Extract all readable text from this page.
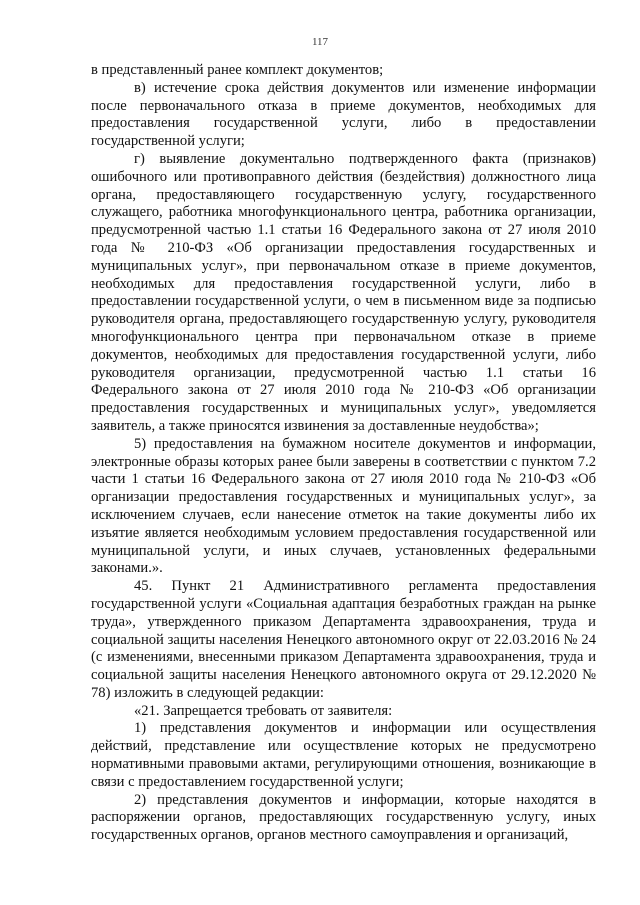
117

в представленный ранее комплект документов;

в) истечение срока действия документов или изменение информации после первоначального отказа в приеме документов, необходимых для предоставления государственной услуги, либо в предоставлении государственной услуги;

г) выявление документально подтвержденного факта (признаков) ошибочного или противоправного действия (бездействия) должностного лица органа, предоставляющего государственную услугу, государственного служащего, работника многофункционального центра, работника организации, предусмотренной частью 1.1 статьи 16 Федерального закона от 27 июля 2010 года № 210-ФЗ «Об организации предоставления государственных и муниципальных услуг», при первоначальном отказе в приеме документов, необходимых для предоставления государственной услуги, либо в предоставлении государственной услуги, о чем в письменном виде за подписью руководителя органа, предоставляющего государственную услугу, руководителя многофункционального центра при первоначальном отказе в приеме документов, необходимых для предоставления государственной услуги, либо руководителя организации, предусмотренной частью 1.1 статьи 16 Федерального закона от 27 июля 2010 года № 210-ФЗ «Об организации предоставления государственных и муниципальных услуг», уведомляется заявитель, а также приносятся извинения за доставленные неудобства»;

5) предоставления на бумажном носителе документов и информации, электронные образы которых ранее были заверены в соответствии с пунктом 7.2 части 1 статьи 16 Федерального закона от 27 июля 2010 года № 210-ФЗ «Об организации предоставления государственных и муниципальных услуг», за исключением случаев, если нанесение отметок на такие документы либо их изъятие является необходимым условием предоставления государственной или муниципальной услуги, и иных случаев, установленных федеральными законами.».

45. Пункт 21 Административного регламента предоставления государственной услуги «Социальная адаптация безработных граждан на рынке труда», утвержденного приказом Департамента здравоохранения, труда и социальной защиты населения Ненецкого автономного округ от 22.03.2016 № 24 (с изменениями, внесенными приказом Департамента здравоохранения, труда и социальной защиты населения Ненецкого автономного округа от 29.12.2020 № 78) изложить в следующей редакции:

«21. Запрещается требовать от заявителя:

1) представления документов и информации или осуществления действий, представление или осуществление которых не предусмотрено нормативными правовыми актами, регулирующими отношения, возникающие в связи с предоставлением государственной услуги;

2) представления документов и информации, которые находятся в распоряжении органов, предоставляющих государственную услугу, иных государственных органов, органов местного самоуправления и организаций,
